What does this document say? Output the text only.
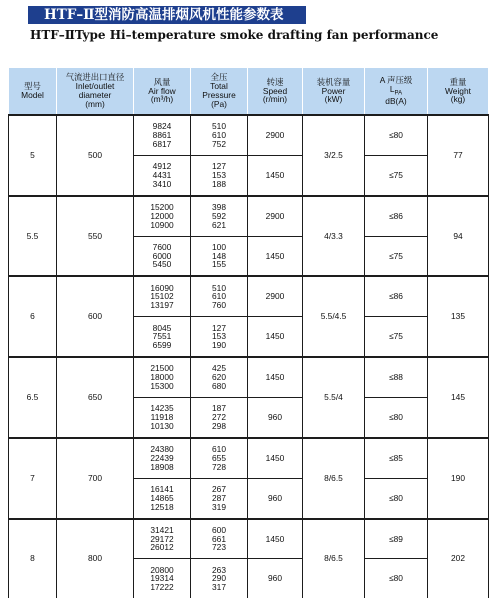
HTF–Ⅱ型消防高温排烟风机性能参数表
HTF–ⅡType Hi–temperature smoke drafting fan performance
型号
Model	气流进出口直径
Inlet/outlet
diameter
(mm)	风量
Air flow
(m³/h)	全压
Total
Pressure
(Pa)	转速
Speed
(r/min)	装机容量
Power
(kW)	A 声压级
$L_{PA}$
dB(A)	重量
Weight
(kg)

5	500	9824
8861
6817	510
610
752	2900	3/2.5	≤80	77

		4912
4431
3410	127
153
188	1450		≤75	
5.5	550	15200
12000
10900	398
592
621	2900	4/3.3	≤86	94

		7600
6000
5450	100
148
155	1450		≤75	
6	600	16090
15102
13197	510
610
760	2900	5.5/4.5	≤86	135

		8045
7551
6599	127
153
190	1450		≤75	
6.5	650	21500
18000
15300	425
620
680	1450	5.5/4	≤88	145

		14235
11918
10130	187
272
298	960		≤80	
7	700	24380
22439
18908	610
655
728	1450	8/6.5	≤85	190

		16141
14865
12518	267
287
319	960		≤80	
8	800	31421
29172
26012	600
661
723	1450	8/6.5	≤89	202

		20800
19314
17222	263
290
317	960		≤80	
